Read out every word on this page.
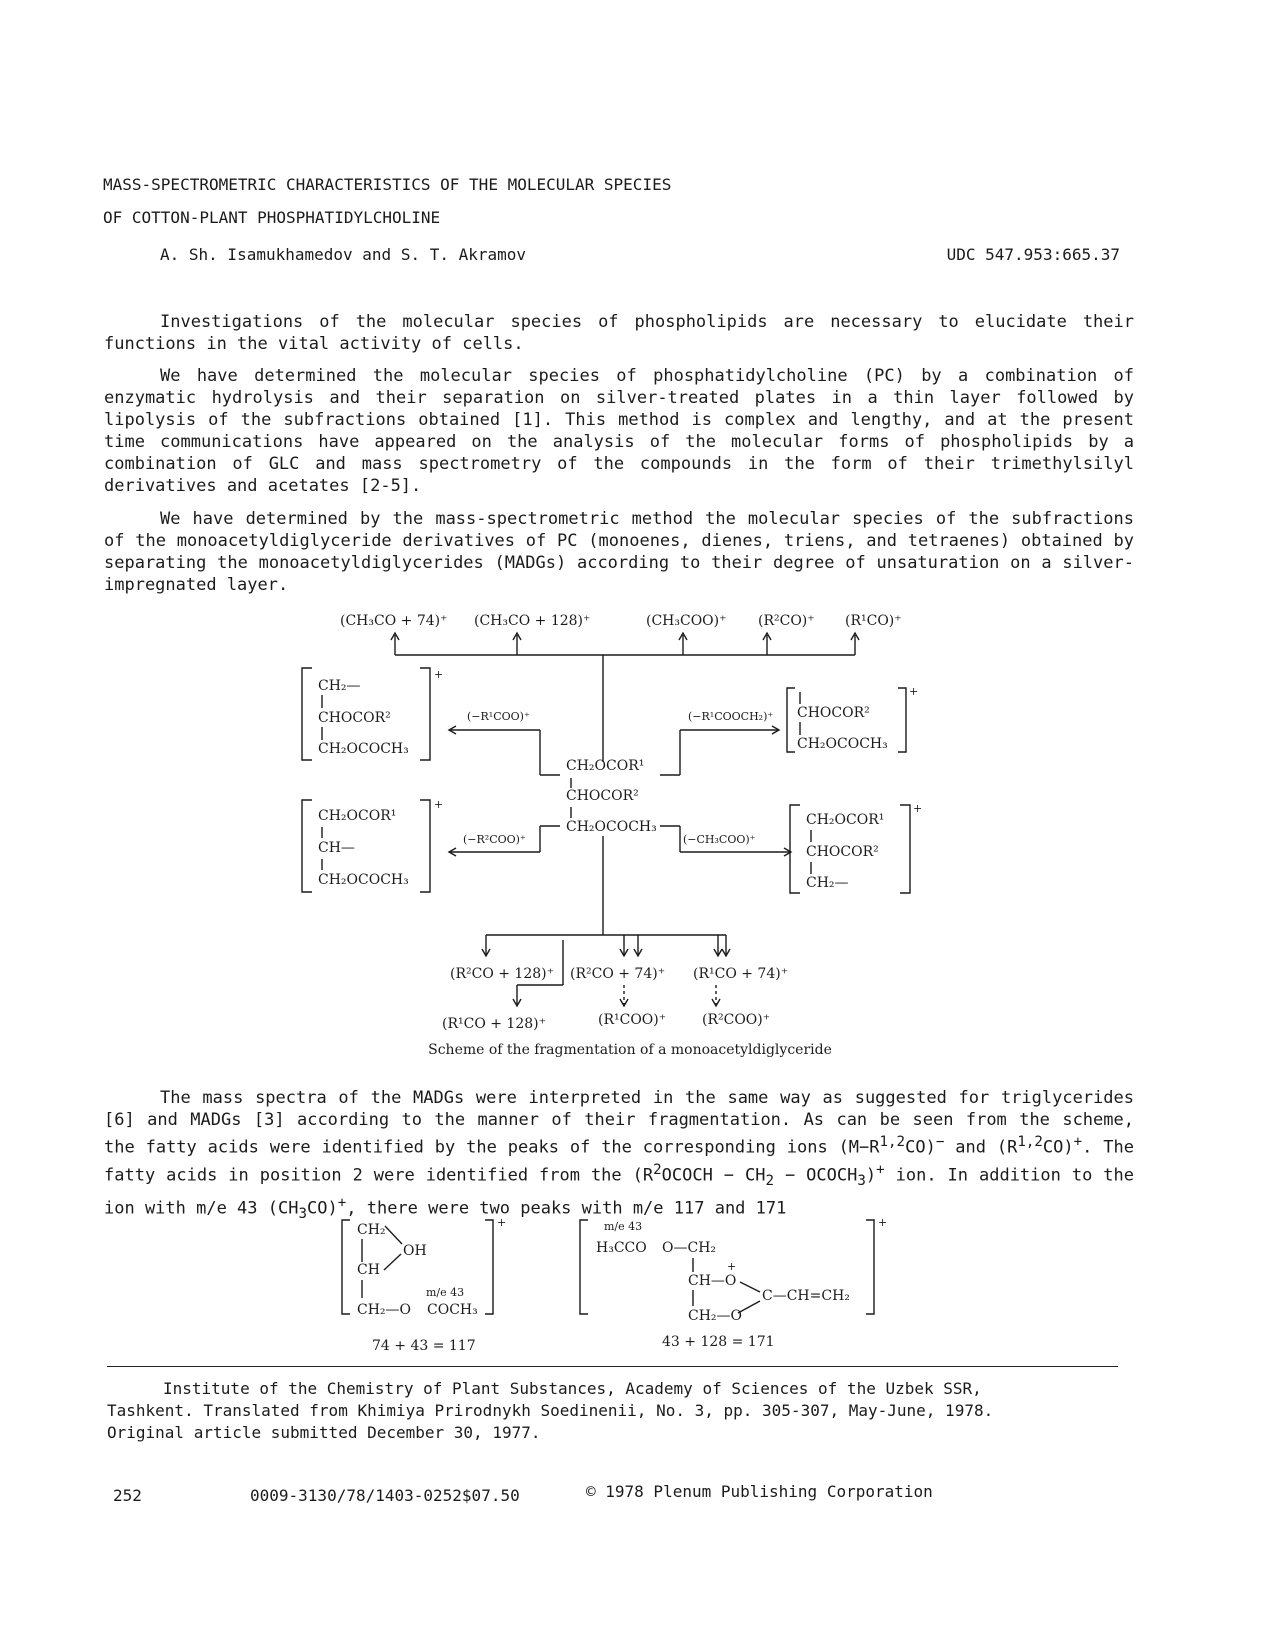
MASS-SPECTROMETRIC CHARACTERISTICS OF THE MOLECULAR SPECIES
OF COTTON-PLANT PHOSPHATIDYLCHOLINE
A. Sh. Isamukhamedov and S. T. Akramov	UDC 547.953:665.37
Investigations of the molecular species of phospholipids are necessary to elucidate their functions in the vital activity of cells.
We have determined the molecular species of phosphatidylcholine (PC) by a combination of enzymatic hydrolysis and their separation on silver-treated plates in a thin layer followed by lipolysis of the subfractions obtained [1]. This method is complex and lengthy, and at the present time communications have appeared on the analysis of the molecular forms of phospholipids by a combination of GLC and mass spectrometry of the compounds in the form of their trimethylsilyl derivatives and acetates [2-5].
We have determined by the mass-spectrometric method the molecular species of the subfractions of the monoacetyldiglyceride derivatives of PC (monoenes, dienes, triens, and tetraenes) obtained by separating the monoacetyldiglycerides (MADGs) according to their degree of unsaturation on a silver-impregnated layer.
(CH₃CO + 74)⁺ (CH₃CO + 128)⁺	(CH₃COO)⁺ (R²CO)⁺ (R¹CO)⁺
+
CH₂—
CHOCOR²
CH₂OCOCH₃
(−R¹COO)⁺	(−R¹COOCH₂)⁺
+
CHOCOR²
CH₂OCOCH₃
CH₂OCOR¹
CHOCOR²
CH₂OCOCH₃
+
CH₂OCOR¹
CH—
CH₂OCOCH₃
(−R²COO)⁺	(−CH₃COO)⁺
+
CH₂OCOR¹
CHOCOR²
CH₂—
(R²CO + 128)⁺ (R²CO + 74)⁺ (R¹CO + 74)⁺
(R¹CO + 128)⁺	(R¹COO)⁺	(R²COO)⁺
Scheme of the fragmentation of a monoacetyldiglyceride
The mass spectra of the MADGs were interpreted in the same way as suggested for triglycerides [6] and MADGs [3] according to the manner of their fragmentation. As can be seen from the scheme, the fatty acids were identified by the peaks of the corresponding ions $(M-R^{1,2}CO)^-$ and $(R^{1,2}CO)^+$. The fatty acids in position 2 were identified from the ($R^2OCOCH - CH_2$ − $OCOCH_3)^+$ ion. In addition to the ion with m/e 43 $(CH_3CO)^+$, there were two peaks with m/e 117 and 171
+
CH₂
OH
CH
m/e 43
CH₂—O COCH₃
74 + 43 = 117
+
m/e 43
H₃CCO O—CH₂
+
CH—O
C—CH=CH₂
CH₂—O
43 + 128 = 171
Institute of the Chemistry of Plant Substances, Academy of Sciences of the Uzbek SSR,
Tashkent. Translated from Khimiya Prirodnykh Soedinenii, No. 3, pp. 305-307, May-June, 1978.
Original article submitted December 30, 1977.
252	0009-3130/78/1403-0252$07.50	© 1978 Plenum Publishing Corporation
